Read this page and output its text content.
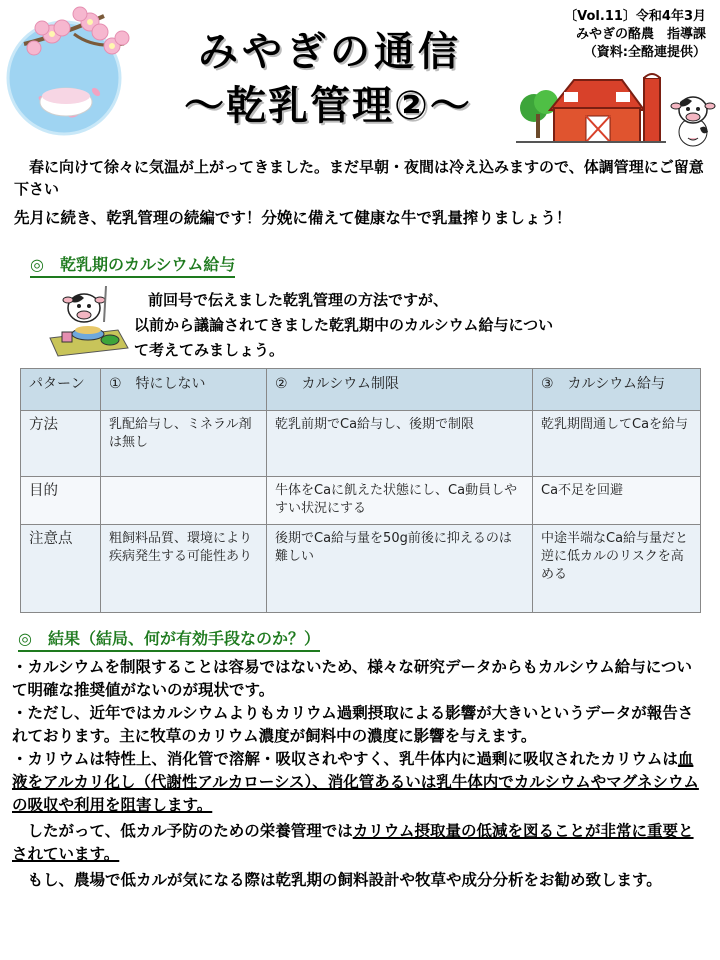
みやぎの通信
～乾乳管理②～
〔Vol.11〕令和4年3月
みやぎの酪農　指導課
（資料:全酪連提供）
　春に向けて徐々に気温が上がってきました。まだ早朝・夜間は冷え込みますので、体調管理にご留意下さい
先月に続き、乾乳管理の続編です！分娩に備えて健康な牛で乳量搾りましょう！
◎　乾乳期のカルシウム給与
前回号で伝えました乾乳管理の方法ですが、
以前から議論されてきました乾乳期中のカルシウム給与につい
て考えてみましょう。
パターン	①　特にしない	②　カルシウム制限	③　カルシウム給与
方法	乳配給与し、ミネラル剤は無し	乾乳前期でCa給与し、後期で制限	乾乳期間通してCaを給与
目的		牛体をCaに飢えた状態にし、Ca動員しやすい状況にする	Ca不足を回避
注意点	粗飼料品質、環境により疾病発生する可能性あり	後期でCa給与量を50g前後に抑えるのは難しい	中途半端なCa給与量だと逆に低カルのリスクを高める
◎　結果（結局、何が有効手段なのか？）

・カルシウムを制限することは容易ではないため、様々な研究データからもカルシウム給与について明確な推奨値がないのが現状です。

・ただし、近年ではカルシウムよりもカリウム過剰摂取による影響が大きいというデータが報告されております。主に牧草のカリウム濃度が飼料中の濃度に影響を与えます。

・カリウムは特性上、消化管で溶解・吸収されやすく、乳牛体内に過剰に吸収されたカリウムは血液をアルカリ化し（代謝性アルカローシス）、消化管あるいは乳牛体内でカルシウムやマグネシウムの吸収や利用を阻害します。

　したがって、低カル予防のための栄養管理ではカリウム摂取量の低減を図ることが非常に重要とされています。

　もし、農場で低カルが気になる際は乾乳期の飼料設計や牧草や成分分析をお勧め致します。
